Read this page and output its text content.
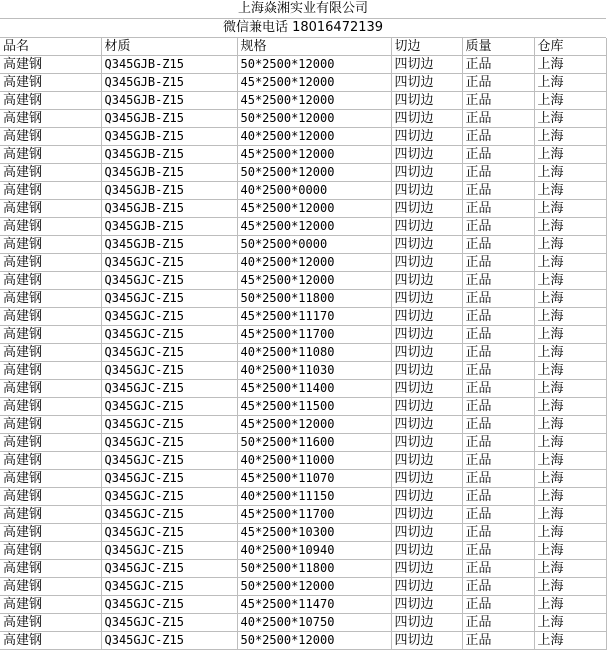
上海焱湘实业有限公司
微信兼电话 18016472139
品名	材质	规格	切边	质量	仓库
高建钢	Q345GJB-Z15	50*2500*12000	四切边	正品	上海
高建钢	Q345GJB-Z15	45*2500*12000	四切边	正品	上海
高建钢	Q345GJB-Z15	45*2500*12000	四切边	正品	上海
高建钢	Q345GJB-Z15	50*2500*12000	四切边	正品	上海
高建钢	Q345GJB-Z15	40*2500*12000	四切边	正品	上海
高建钢	Q345GJB-Z15	45*2500*12000	四切边	正品	上海
高建钢	Q345GJB-Z15	50*2500*12000	四切边	正品	上海
高建钢	Q345GJB-Z15	40*2500*0000	四切边	正品	上海
高建钢	Q345GJB-Z15	45*2500*12000	四切边	正品	上海
高建钢	Q345GJB-Z15	45*2500*12000	四切边	正品	上海
高建钢	Q345GJB-Z15	50*2500*0000	四切边	正品	上海
高建钢	Q345GJC-Z15	40*2500*12000	四切边	正品	上海
高建钢	Q345GJC-Z15	45*2500*12000	四切边	正品	上海
高建钢	Q345GJC-Z15	50*2500*11800	四切边	正品	上海
高建钢	Q345GJC-Z15	45*2500*11170	四切边	正品	上海
高建钢	Q345GJC-Z15	45*2500*11700	四切边	正品	上海
高建钢	Q345GJC-Z15	40*2500*11080	四切边	正品	上海
高建钢	Q345GJC-Z15	40*2500*11030	四切边	正品	上海
高建钢	Q345GJC-Z15	45*2500*11400	四切边	正品	上海
高建钢	Q345GJC-Z15	45*2500*11500	四切边	正品	上海
高建钢	Q345GJC-Z15	45*2500*12000	四切边	正品	上海
高建钢	Q345GJC-Z15	50*2500*11600	四切边	正品	上海
高建钢	Q345GJC-Z15	40*2500*11000	四切边	正品	上海
高建钢	Q345GJC-Z15	45*2500*11070	四切边	正品	上海
高建钢	Q345GJC-Z15	40*2500*11150	四切边	正品	上海
高建钢	Q345GJC-Z15	45*2500*11700	四切边	正品	上海
高建钢	Q345GJC-Z15	45*2500*10300	四切边	正品	上海
高建钢	Q345GJC-Z15	40*2500*10940	四切边	正品	上海
高建钢	Q345GJC-Z15	50*2500*11800	四切边	正品	上海
高建钢	Q345GJC-Z15	50*2500*12000	四切边	正品	上海
高建钢	Q345GJC-Z15	45*2500*11470	四切边	正品	上海
高建钢	Q345GJC-Z15	40*2500*10750	四切边	正品	上海
高建钢	Q345GJC-Z15	50*2500*12000	四切边	正品	上海
